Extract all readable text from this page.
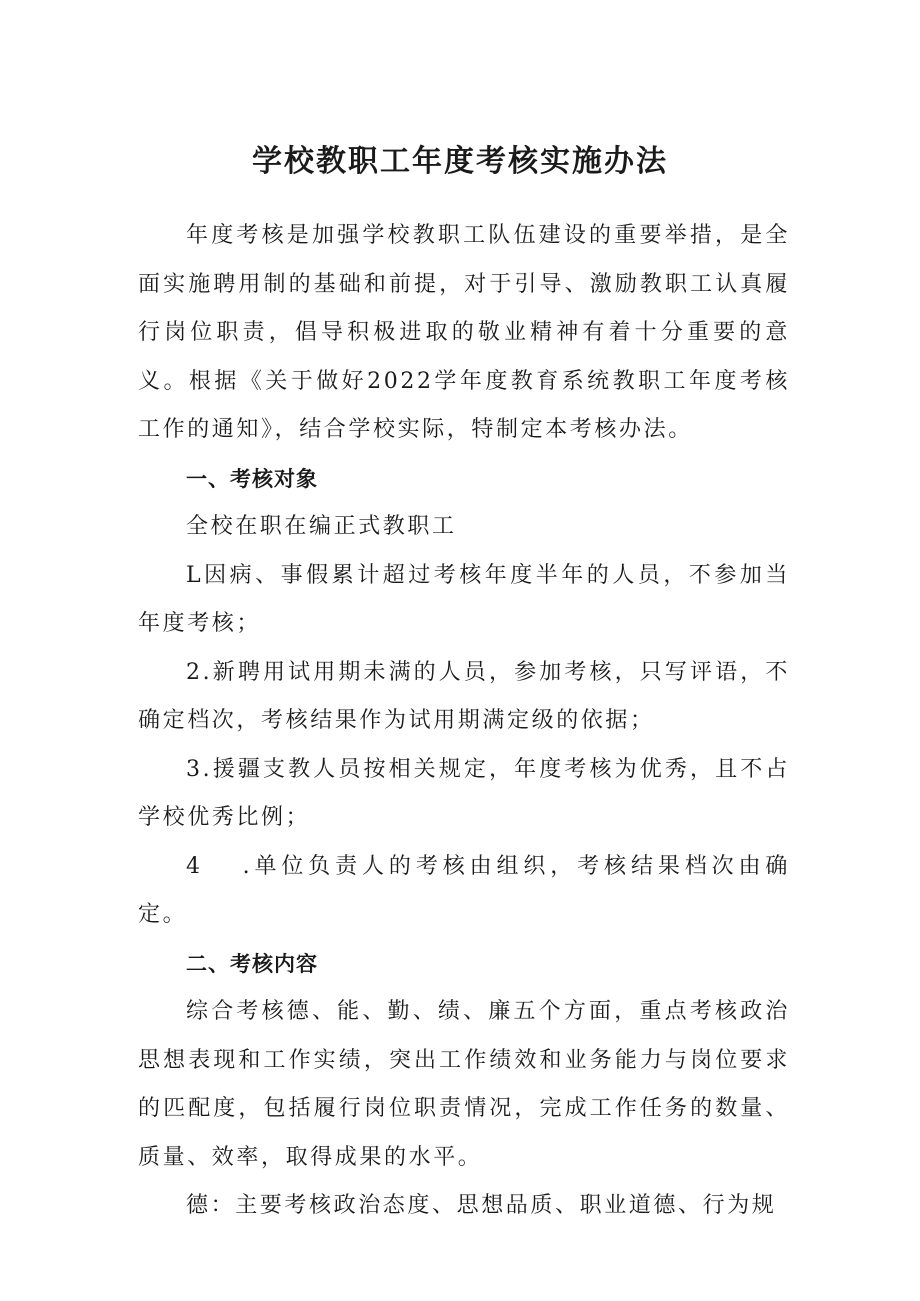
学校教职工年度考核实施办法

年度考核是加强学校教职工队伍建设的重要举措，是全面实施聘用制的基础和前提，对于引导、激励教职工认真履行岗位职责，倡导积极进取的敬业精神有着十分重要的意义。根据《关于做好2022学年度教育系统教职工年度考核工作的通知》，结合学校实际，特制定本考核办法。

一、考核对象

全校在职在编正式教职工

L因病、事假累计超过考核年度半年的人员，不参加当年度考核；

2.新聘用试用期未满的人员，参加考核，只写评语，不确定档次，考核结果作为试用期满定级的依据；

3.援疆支教人员按相关规定，年度考核为优秀，且不占学校优秀比例；

4 .单位负责人的考核由组织，考核结果档次由确定。

二、考核内容

综合考核德、能、勤、绩、廉五个方面，重点考核政治思想表现和工作实绩，突出工作绩效和业务能力与岗位要求的匹配度，包括履行岗位职责情况，完成工作任务的数量、质量、效率，取得成果的水平。

德：主要考核政治态度、思想品质、职业道德、行为规
